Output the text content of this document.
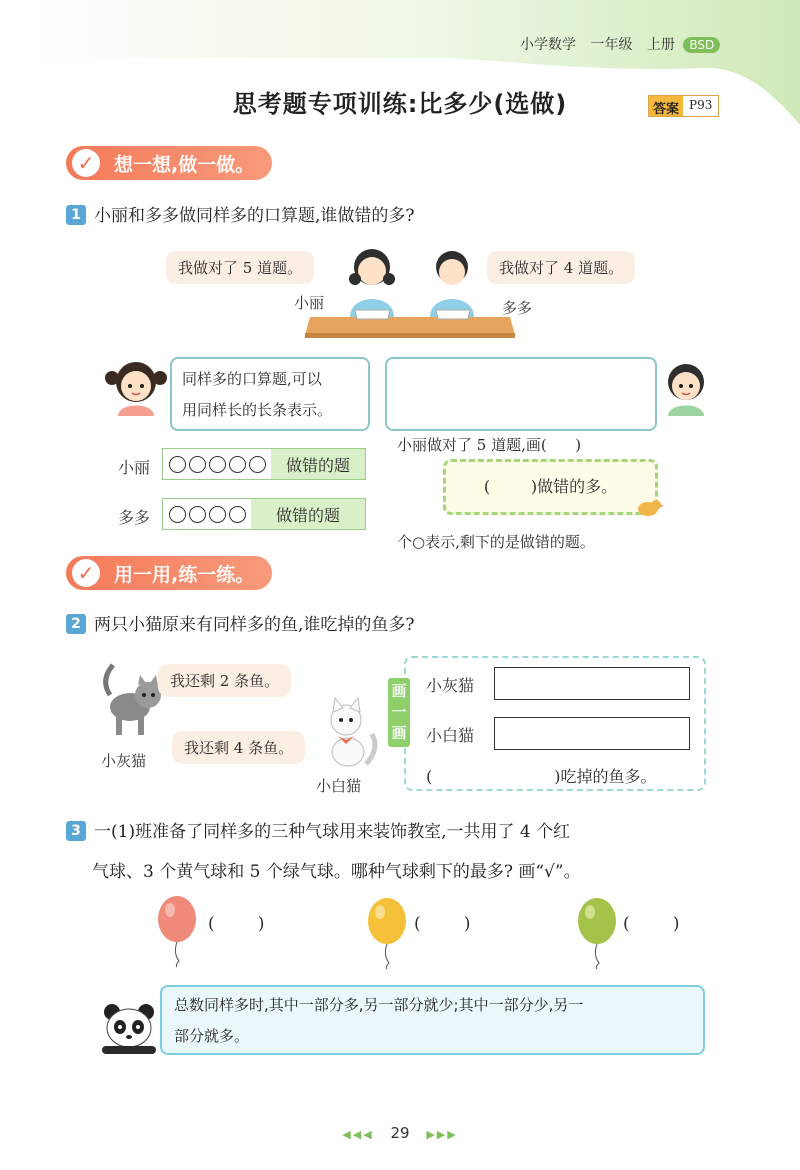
小学数学 一年级 上册 BSD
思考题专项训练:比多少(选做)	答案 P93
✓ 想一想,做一做。
1 小丽和多多做同样多的口算题,谁做错的多?
我做对了 5 道题。	我做对了 4 道题。
小丽	多多
同样多的口算题,可以
用同样长的长条表示。

小丽做对了 5 道题,画(      )

个○表示,剩下的是做错的题。

小丽	做错的题
多多	做错的题
(        )做错的多。
✓ 用一用,练一练。
2 两只小猫原来有同样多的鱼,谁吃掉的鱼多?
我还剩 2 条鱼。
小灰猫
我还剩 4 条鱼。
小白猫
画
一
画
小灰猫
小白猫
(                        )吃掉的鱼多。
3 一(1)班准备了同样多的三种气球用来装饰教室,一共用了 4 个红
气球、3 个黄气球和 5 个绿气球。哪种气球剩下的最多? 画“√”。
(        )	(        )	(        )
总数同样多时,其中一部分多,另一部分就少;其中一部分少,另一
部分就多。
◀◀◀ 29 ▶▶▶
